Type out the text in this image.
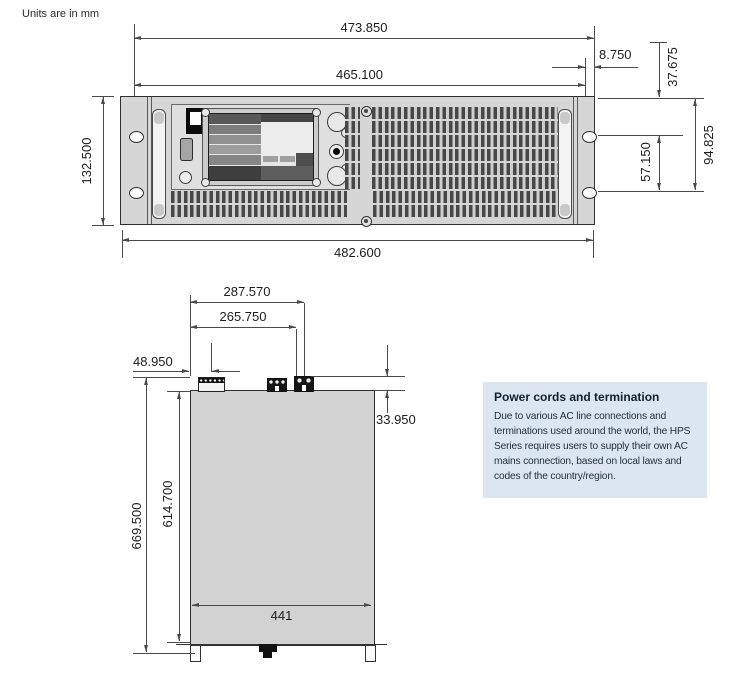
Units are in mm
473.850
465.100
8.750	37.675
57.150	94.825
132.500
482.600
287.570
265.750
48.950
33.950
669.500 614.700
441
Power cords and termination
Due to various AC line connections and
terminations used around the world, the HPS
Series requires users to supply their own AC
mains connection, based on local laws and
codes of the country/region.
